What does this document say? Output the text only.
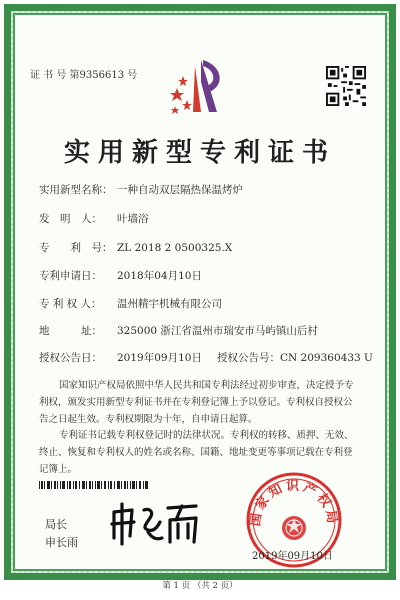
证 书 号 第9356613 号
实用新型专利证书
实用新型名称： 一种自动双层隔热保温烤炉
发　明　人： 叶墙浴
专　　利　号： ZL 2018 2 0500325.X
专利申请日： 2018年04月10日
专 利 权 人： 温州精宇机械有限公司
地　　　址： 325000 浙江省温州市瑞安市马屿镇山后村
授权公告日： 2019年09月10日 授权公告号：CN 209360433 U
国家知识产权局依照中华人民共和国专利法经过初步审查，决定授予专利权，颁发实用新型专利证书并在专利登记簿上予以登记。专利权自授权公告之日起生效。专利权期限为十年，自申请日起算。
专利证书记载专利权登记时的法律状况。专利权的转移、质押、无效、终止、恢复和专利权人的姓名或名称、国籍、地址变更等事项记载在专利登记簿上。
局长
申长雨
国家知识产权局
2019年09月10日
第 1 页 （共 2 页）
